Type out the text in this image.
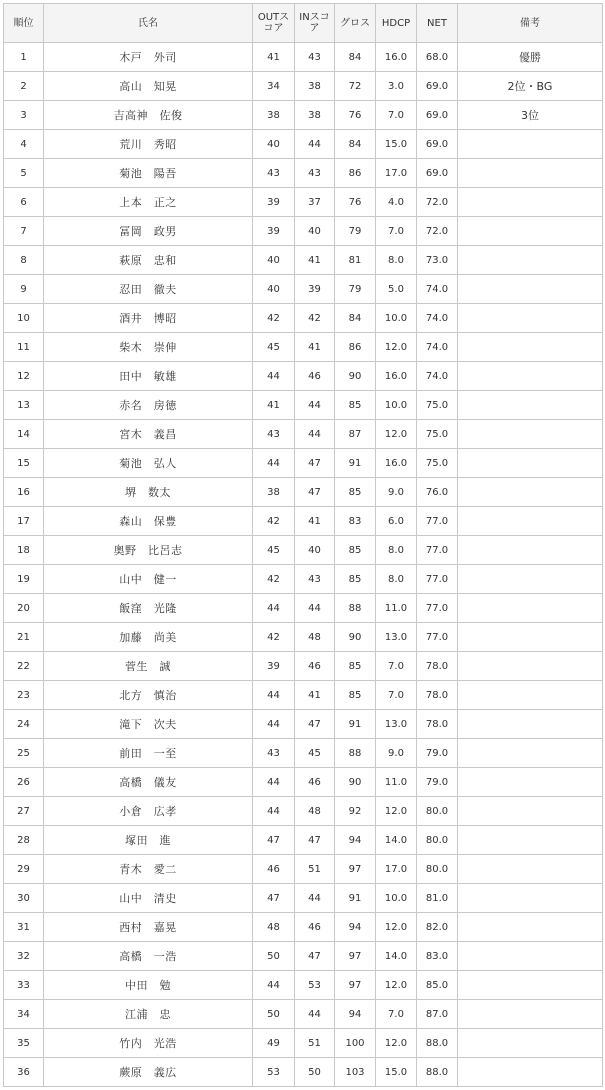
順位	氏名	OUTスコア	INスコア	グロス	HDCP	NET	備考
1	木戸　外司	41	43	84	16.0	68.0	優勝
2	高山　知晃	34	38	72	3.0	69.0	2位・BG
3	吉高神　佐俊	38	38	76	7.0	69.0	3位
4	荒川　秀昭	40	44	84	15.0	69.0	
5	菊池　陽吾	43	43	86	17.0	69.0	
6	上本　正之	39	37	76	4.0	72.0	
7	冨岡　政男	39	40	79	7.0	72.0	
8	萩原　忠和	40	41	81	8.0	73.0	
9	忍田　徹夫	40	39	79	5.0	74.0	
10	酒井　博昭	42	42	84	10.0	74.0	
11	柴木　崇伸	45	41	86	12.0	74.0	
12	田中　敏雄	44	46	90	16.0	74.0	
13	赤名　房徳	41	44	85	10.0	75.0	
14	宮木　義昌	43	44	87	12.0	75.0	
15	菊池　弘人	44	47	91	16.0	75.0	
16	堺　数太	38	47	85	9.0	76.0	
17	森山　保豊	42	41	83	6.0	77.0	
18	奥野　比呂志	45	40	85	8.0	77.0	
19	山中　健一	42	43	85	8.0	77.0	
20	飯窪　光隆	44	44	88	11.0	77.0	
21	加藤　尚美	42	48	90	13.0	77.0	
22	菅生　誠	39	46	85	7.0	78.0	
23	北方　慎治	44	41	85	7.0	78.0	
24	滝下　次夫	44	47	91	13.0	78.0	
25	前田　一至	43	45	88	9.0	79.0	
26	高橋　儀友	44	46	90	11.0	79.0	
27	小倉　広孝	44	48	92	12.0	80.0	
28	塚田　進	47	47	94	14.0	80.0	
29	青木　愛二	46	51	97	17.0	80.0	
30	山中　清史	47	44	91	10.0	81.0	
31	西村　嘉晃	48	46	94	12.0	82.0	
32	高橋　一浩	50	47	97	14.0	83.0	
33	中田　勉	44	53	97	12.0	85.0	
34	江浦　忠	50	44	94	7.0	87.0	
35	竹内　光浩	49	51	100	12.0	88.0	
36	蕨原　義広	53	50	103	15.0	88.0	
